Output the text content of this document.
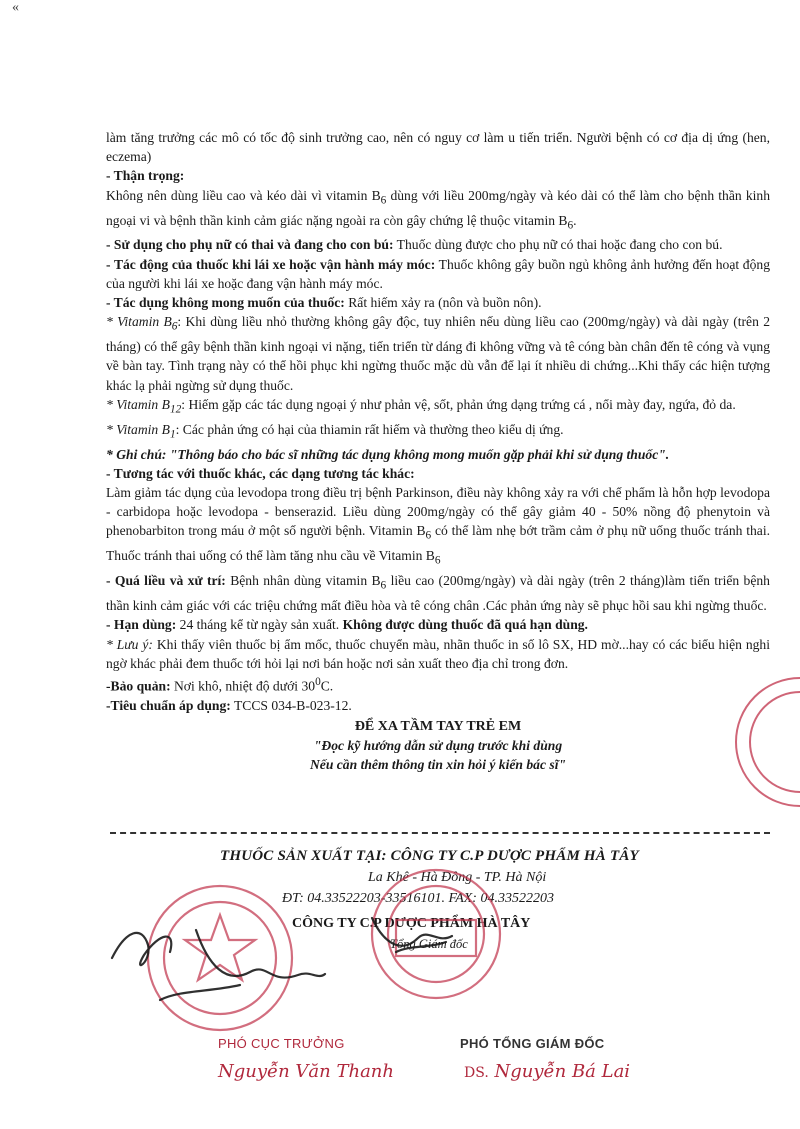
«

làm tăng trưởng các mô có tốc độ sinh trưởng cao, nên có nguy cơ làm u tiến triển. Người bệnh có cơ địa dị ứng (hen, eczema)

- Thận trọng:

Không nên dùng liều cao và kéo dài vì vitamin $B_6$ dùng với liều 200mg/ngày và kéo dài có thể làm cho bệnh thần kinh ngoại vi và bệnh thần kinh cảm giác nặng ngoài ra còn gây chứng lệ thuộc vitamin $B_6$.

- Sử dụng cho phụ nữ có thai và đang cho con bú: Thuốc dùng được cho phụ nữ có thai hoặc đang cho con bú.

- Tác động của thuốc khi lái xe hoặc vận hành máy móc: Thuốc không gây buồn ngủ không ảnh hưởng đến hoạt động của người khi lái xe hoặc đang vận hành máy móc.

- Tác dụng không mong muốn của thuốc: Rất hiếm xảy ra (nôn và buồn nôn).

* Vitamin $B_6$: Khi dùng liều nhỏ thường không gây độc, tuy nhiên nếu dùng liều cao (200mg/ngày) và dài ngày (trên 2 tháng) có thể gây bệnh thần kinh ngoại vi nặng, tiến triển từ dáng đi không vững và tê cóng bàn chân đến tê cóng và vụng về bàn tay. Tình trạng này có thể hồi phục khi ngừng thuốc mặc dù vẫn để lại ít nhiều di chứng...Khi thấy các hiện tượng khác lạ phải ngừng sử dụng thuốc.

* Vitamin $B_{12}$: Hiếm gặp các tác dụng ngoại ý như phản vệ, sốt, phản ứng dạng trứng cá , nổi mày đay, ngứa, đỏ da.

* Vitamin $B_1$: Các phản ứng có hại của thiamin rất hiếm và thường theo kiểu dị ứng.

* Ghi chú: "Thông báo cho bác sĩ những tác dụng không mong muốn gặp phải khi sử dụng thuốc".

- Tương tác với thuốc khác, các dạng tương tác khác:

Làm giảm tác dụng của levodopa trong điều trị bệnh Parkinson, điều này không xảy ra với chế phẩm là hỗn hợp levodopa - carbidopa hoặc levodopa - benserazid. Liều dùng 200mg/ngày có thể gây giảm 40 - 50% nồng độ phenytoin và phenobarbiton trong máu ở một số người bệnh. Vitamin $B_6$ có thể làm nhẹ bớt trầm cảm ở phụ nữ uống thuốc tránh thai. Thuốc tránh thai uống có thể làm tăng nhu cầu về Vitamin $B_6$

- Quá liều và xử trí: Bệnh nhân dùng vitamin $B_6$ liều cao (200mg/ngày) và dài ngày (trên 2 tháng)làm tiến triển bệnh thần kinh cảm giác với các triệu chứng mất điều hòa và tê cóng chân .Các phản ứng này sẽ phục hồi sau khi ngừng thuốc.

- Hạn dùng: 24 tháng kể từ ngày sản xuất. Không được dùng thuốc đã quá hạn dùng.

* Lưu ý: Khi thấy viên thuốc bị ẩm mốc, thuốc chuyển màu, nhãn thuốc in số lô SX, HD mờ...hay có các biểu hiện nghi ngờ khác phải đem thuốc tới hỏi lại nơi bán hoặc nơi sản xuất theo địa chỉ trong đơn.

-Bảo quản: Nơi khô, nhiệt độ dưới $30^0C$.

-Tiêu chuẩn áp dụng: TCCS 034-B-023-12.

ĐỂ XA TẦM TAY TRẺ EM
"Đọc kỹ hướng dẫn sử dụng trước khi dùng
Nếu cần thêm thông tin xin hỏi ý kiến bác sĩ"
THUỐC SẢN XUẤT TẠI: CÔNG TY C.P DƯỢC PHẨM HÀ TÂY
La Khê - Hà Đông - TP. Hà Nội
ĐT: 04.33522203-33516101. FAX: 04.33522203
CÔNG TY C.P DƯỢC PHẨM HÀ TÂY
Tổng Giám đốc
PHÓ CỤC TRƯỞNG
Nguyễn Văn Thanh
PHÓ TỔNG GIÁM ĐỐC
DS. Nguyễn Bá Lai
